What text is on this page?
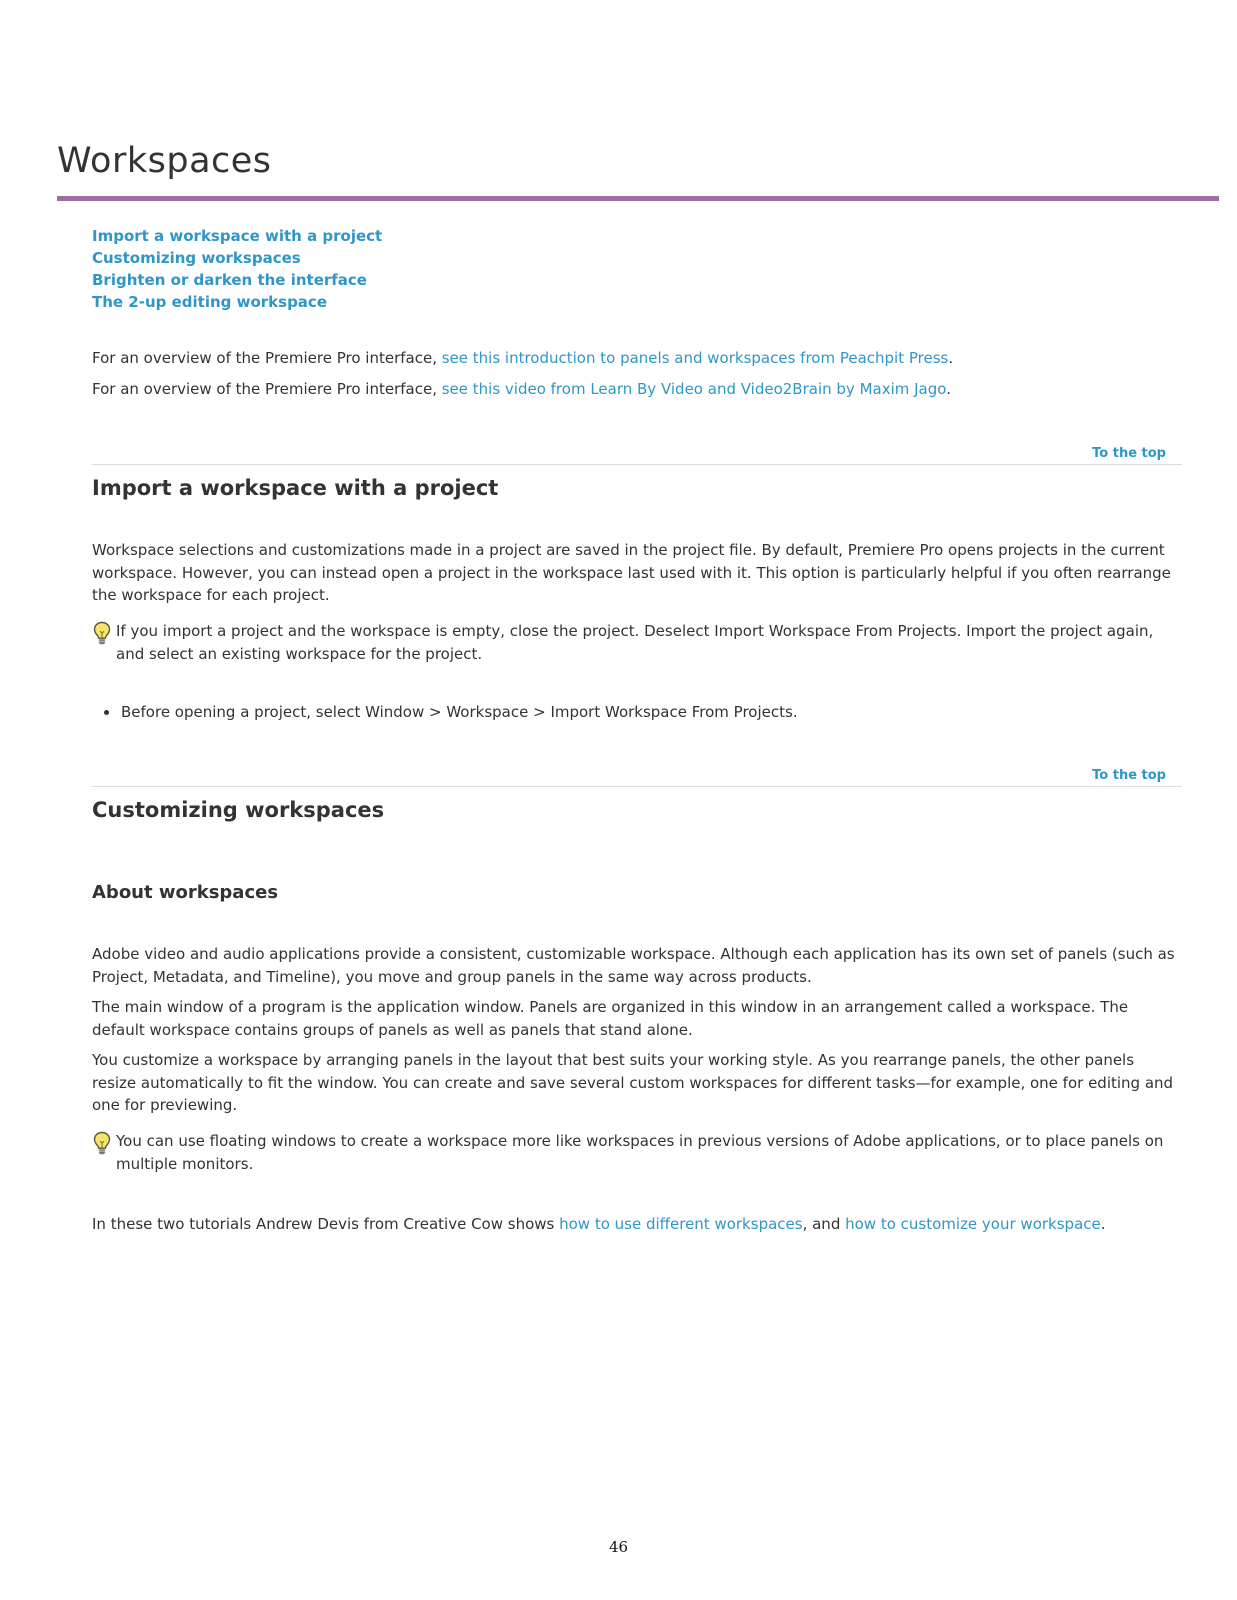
Workspaces
Import a workspace with a project
Customizing workspaces
Brighten or darken the interface
The 2-up editing workspace

For an overview of the Premiere Pro interface, see this introduction to panels and workspaces from Peachpit Press.

For an overview of the Premiere Pro interface, see this video from Learn By Video and Video2Brain by Maxim Jago.

To the top
Import a workspace with a project

Workspace selections and customizations made in a project are saved in the project file. By default, Premiere Pro opens projects in the current workspace. However, you can instead open a project in the workspace last used with it. This option is particularly helpful if you often rearrange the workspace for each project.

If you import a project and the workspace is empty, close the project. Deselect Import Workspace From Projects. Import the project again, and select an existing workspace for the project.

Before opening a project, select Window > Workspace > Import Workspace From Projects.
To the top
Customizing workspaces
About workspaces

Adobe video and audio applications provide a consistent, customizable workspace. Although each application has its own set of panels (such as Project, Metadata, and Timeline), you move and group panels in the same way across products.

The main window of a program is the application window. Panels are organized in this window in an arrangement called a workspace. The default workspace contains groups of panels as well as panels that stand alone.

You customize a workspace by arranging panels in the layout that best suits your working style. As you rearrange panels, the other panels resize automatically to fit the window. You can create and save several custom workspaces for different tasks—for example, one for editing and one for previewing.

You can use floating windows to create a workspace more like workspaces in previous versions of Adobe applications, or to place panels on multiple monitors.

In these two tutorials Andrew Devis from Creative Cow shows how to use different workspaces, and how to customize your workspace.

46
